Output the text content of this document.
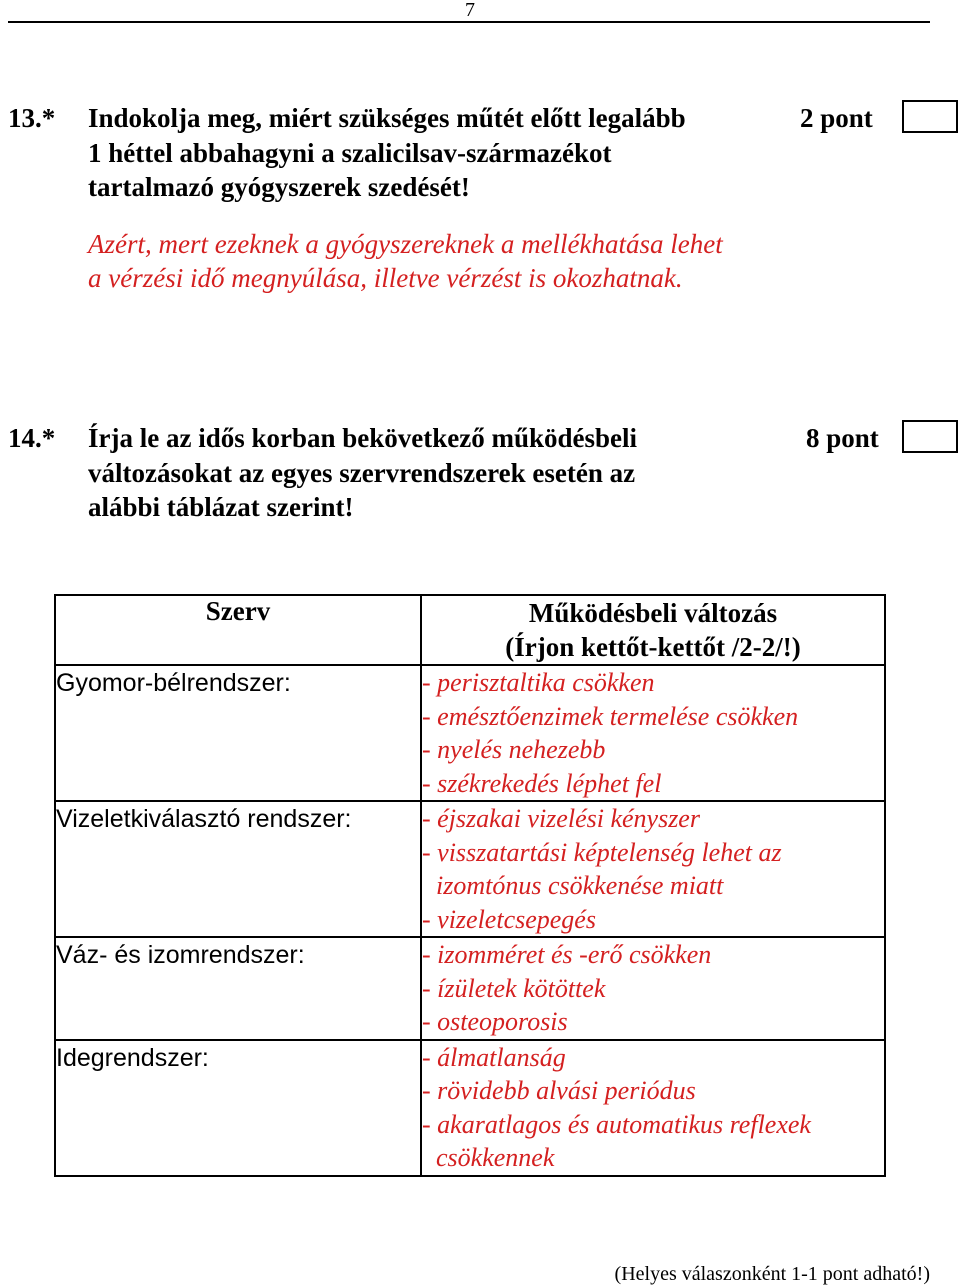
7
13.* Indokolja meg, miért szükséges műtét előtt legalább
1 héttel abbahagyni a szalicilsav-származékot
tartalmazó gyógyszerek szedését!
2 pont
Azért, mert ezeknek a gyógyszereknek a mellékhatása lehet
a vérzési idő megnyúlása, illetve vérzést is okozhatnak.
14.* Írja le az idős korban bekövetkező működésbeli
változásokat az egyes szervrendszerek esetén az
alábbi táblázat szerint!
8 pont
Szerv	Működésbeli változás
(Írjon kettőt-kettőt /2-2/!)

Gyomor-bélrendszer:	- perisztaltika csökken
- emésztőenzimek termelése csökken
- nyelés nehezebb
- székrekedés léphet fel

Vizeletkiválasztó rendszer:	- éjszakai vizelési kényszer
- visszatartási képtelenség lehet az
izomtónus csökkenése miatt
- vizeletcsepegés

Váz- és izomrendszer:	- izomméret és -erő csökken
- ízületek kötöttek
- osteoporosis

Idegrendszer:	- álmatlanság
- rövidebb alvási periódus
- akaratlagos és automatikus reflexek
csökkennek
(Helyes válaszonként 1-1 pont adható!)
